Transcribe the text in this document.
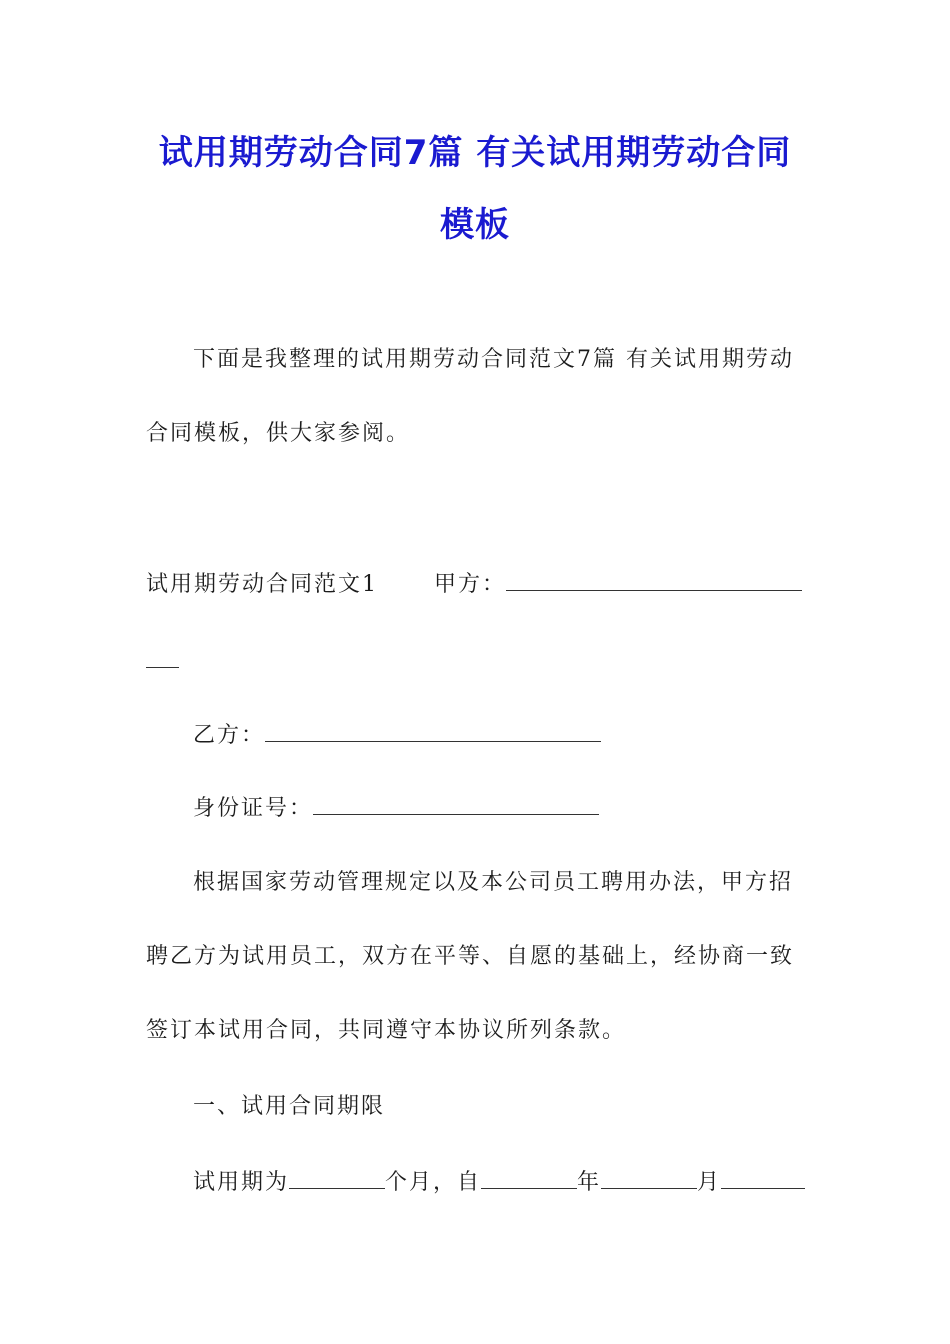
试用期劳动合同7篇 有关试用期劳动合同
模板
下面是我整理的试用期劳动合同范文7篇 有关试用期劳动
合同模板，供大家参阅。
试用期劳动合同范文1	甲方：
乙方：
身份证号：
根据国家劳动管理规定以及本公司员工聘用办法，甲方招
聘乙方为试用员工，双方在平等、自愿的基础上，经协商一致
签订本试用合同，共同遵守本协议所列条款。
一、试用合同期限
试用期为	个月，自	年	月
